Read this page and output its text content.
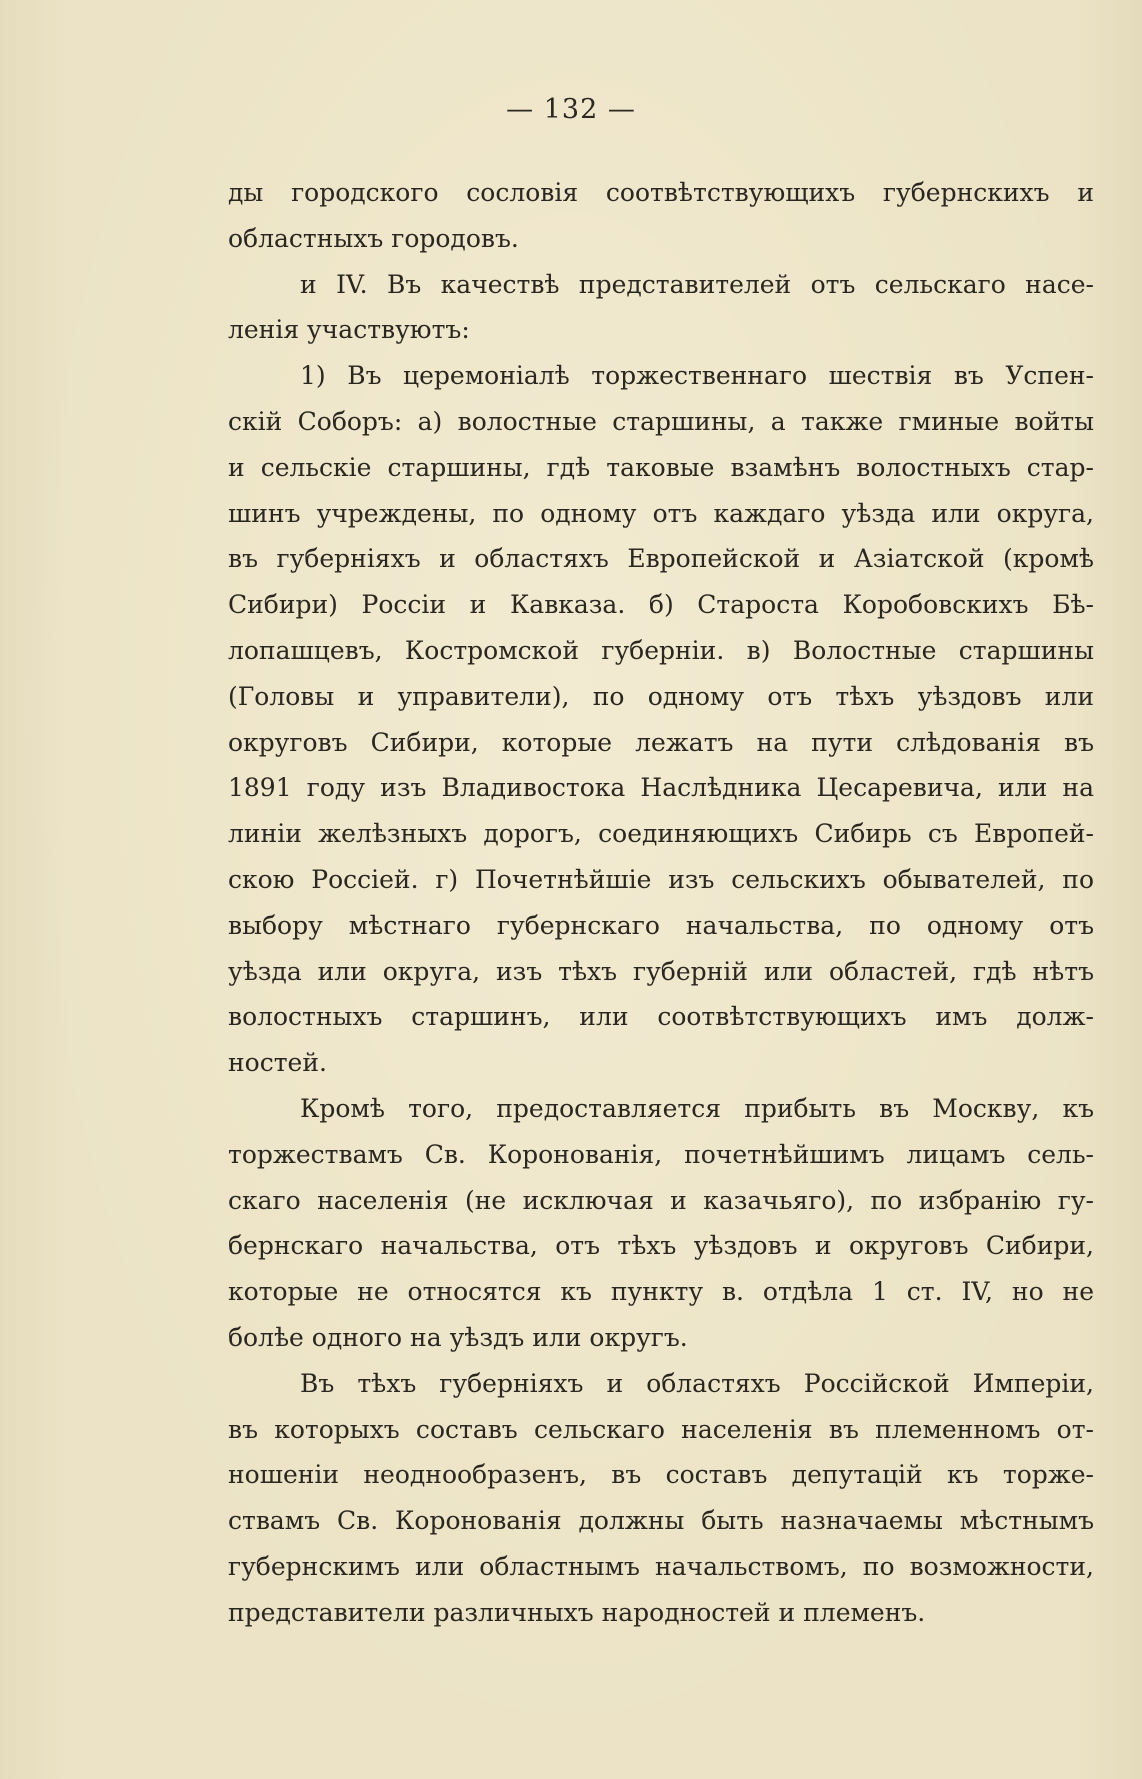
— 132 —
ды городского сословія соотвѣтствующихъ губернскихъ и
областныхъ городовъ.
и IV. Въ качествѣ представителей отъ сельскаго насе-
ленія участвуютъ:
1) Въ церемоніалѣ торжественнаго шествія въ Успен-
скій Соборъ: а) волостные старшины, а также гминые войты
и сельскіе старшины, гдѣ таковые взамѣнъ волостныхъ стар-
шинъ учреждены, по одному отъ каждаго уѣзда или округа,
въ губерніяхъ и областяхъ Европейской и Азіатской (кромѣ
Сибири) Россіи и Кавказа. б) Староста Коробовскихъ Бѣ-
лопашцевъ, Костромской губерніи. в) Волостные старшины
(Головы и управители), по одному отъ тѣхъ уѣздовъ или
округовъ Сибири, которые лежатъ на пути слѣдованія въ
1891 году изъ Владивостока Наслѣдника Цесаревича, или на
линіи желѣзныхъ дорогъ, соединяющихъ Сибирь съ Европей-
скою Россіей. г) Почетнѣйшіе изъ сельскихъ обывателей, по
выбору мѣстнаго губернскаго начальства, по одному отъ
уѣзда или округа, изъ тѣхъ губерній или областей, гдѣ нѣтъ
волостныхъ старшинъ, или соотвѣтствующихъ имъ долж-
ностей.
Кромѣ того, предоставляется прибыть въ Москву, къ
торжествамъ Св. Коронованія, почетнѣйшимъ лицамъ сель-
скаго населенія (не исключая и казачьяго), по избранію гу-
бернскаго начальства, отъ тѣхъ уѣздовъ и округовъ Сибири,
которые не относятся къ пункту в. отдѣла 1 ст. IV, но не
болѣе одного на уѣздъ или округъ.
Въ тѣхъ губерніяхъ и областяхъ Россійской Имперіи,
въ которыхъ составъ сельскаго населенія въ племенномъ от-
ношеніи неоднообразенъ, въ составъ депутацій къ торже-
ствамъ Св. Коронованія должны быть назначаемы мѣстнымъ
губернскимъ или областнымъ начальствомъ, по возможности,
представители различныхъ народностей и племенъ.
